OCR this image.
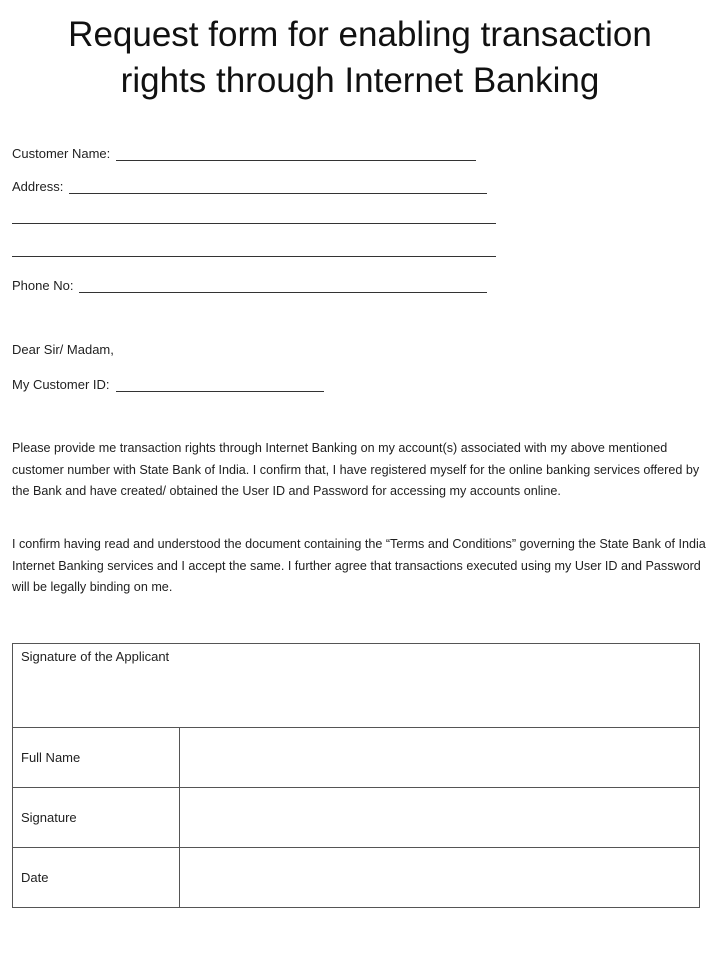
Request form for enabling transaction
rights through Internet Banking
Customer Name:
Address:
Phone No:
Dear Sir/ Madam,
My Customer ID:

Please provide me transaction rights through Internet Banking on my account(s) associated with my above mentioned customer number with State Bank of India. I confirm that, I have registered myself for the online banking services offered by the Bank and have created/ obtained the User ID and Password for accessing my accounts online.

I confirm having read and understood the document containing the “Terms and Conditions” governing the State Bank of India Internet Banking services and I accept the same. I further agree that transactions executed using my User ID and Password will be legally binding on me.

Signature of the Applicant	
Full Name	
Signature	
Date	
